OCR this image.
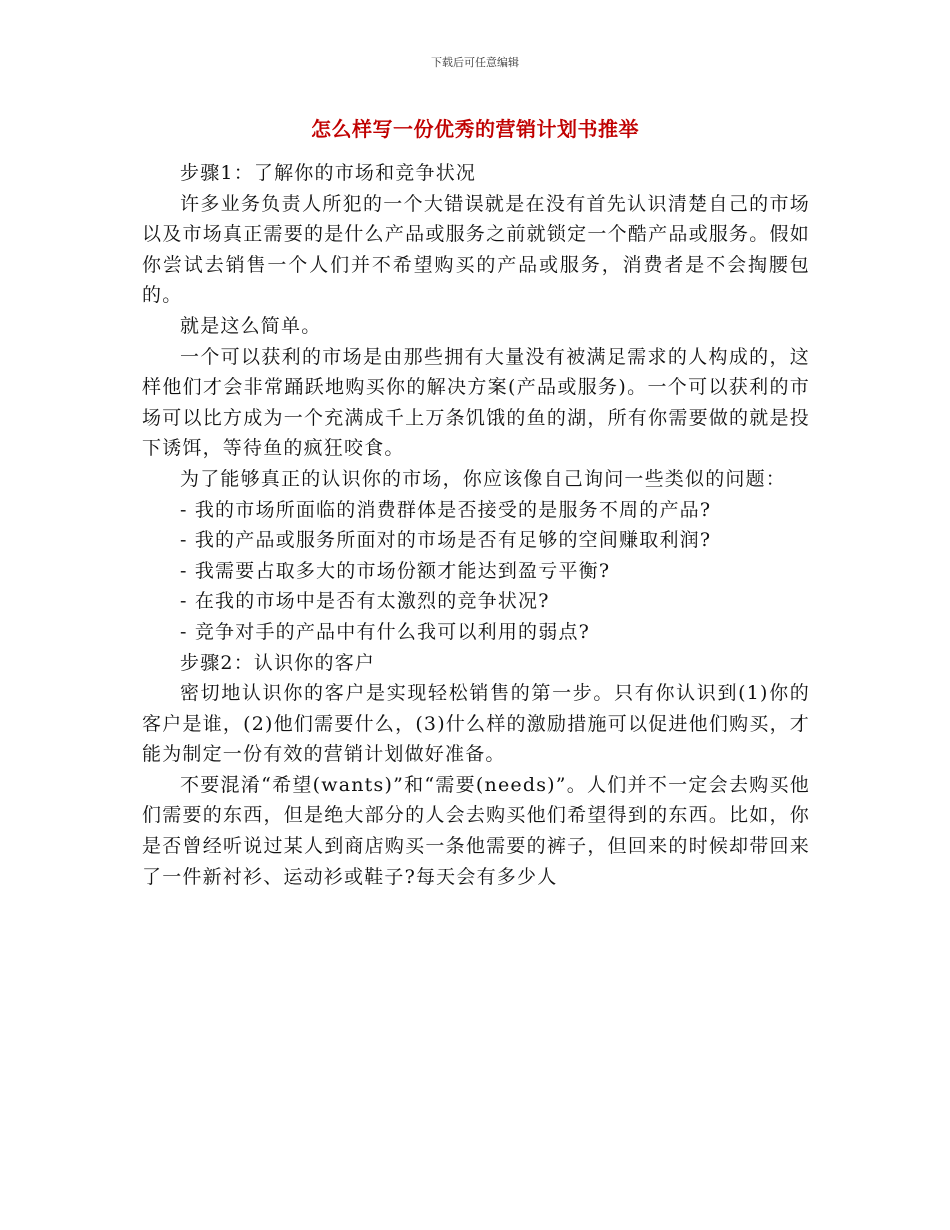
下载后可任意编辑
怎么样写一份优秀的营销计划书推举

步骤1：了解你的市场和竞争状况

许多业务负责人所犯的一个大错误就是在没有首先认识清楚自己的市场以及市场真正需要的是什么产品或服务之前就锁定一个酷产品或服务。假如你尝试去销售一个人们并不希望购买的产品或服务，消费者是不会掏腰包的。

就是这么简单。

一个可以获利的市场是由那些拥有大量没有被满足需求的人构成的，这样他们才会非常踊跃地购买你的解决方案(产品或服务)。一个可以获利的市场可以比方成为一个充满成千上万条饥饿的鱼的湖，所有你需要做的就是投下诱饵，等待鱼的疯狂咬食。

为了能够真正的认识你的市场，你应该像自己询问一些类似的问题：

- 我的市场所面临的消费群体是否接受的是服务不周的产品?

- 我的产品或服务所面对的市场是否有足够的空间赚取利润?

- 我需要占取多大的市场份额才能达到盈亏平衡?

- 在我的市场中是否有太激烈的竞争状况?

- 竞争对手的产品中有什么我可以利用的弱点?

步骤2：认识你的客户

密切地认识你的客户是实现轻松销售的第一步。只有你认识到(1)你的客户是谁，(2)他们需要什么，(3)什么样的激励措施可以促进他们购买，才能为制定一份有效的营销计划做好准备。

不要混淆“希望(wants)”和“需要(needs)”。人们并不一定会去购买他们需要的东西，但是绝大部分的人会去购买他们希望得到的东西。比如，你是否曾经听说过某人到商店购买一条他需要的裤子，但回来的时候却带回来了一件新衬衫、运动衫或鞋子?每天会有多少人
